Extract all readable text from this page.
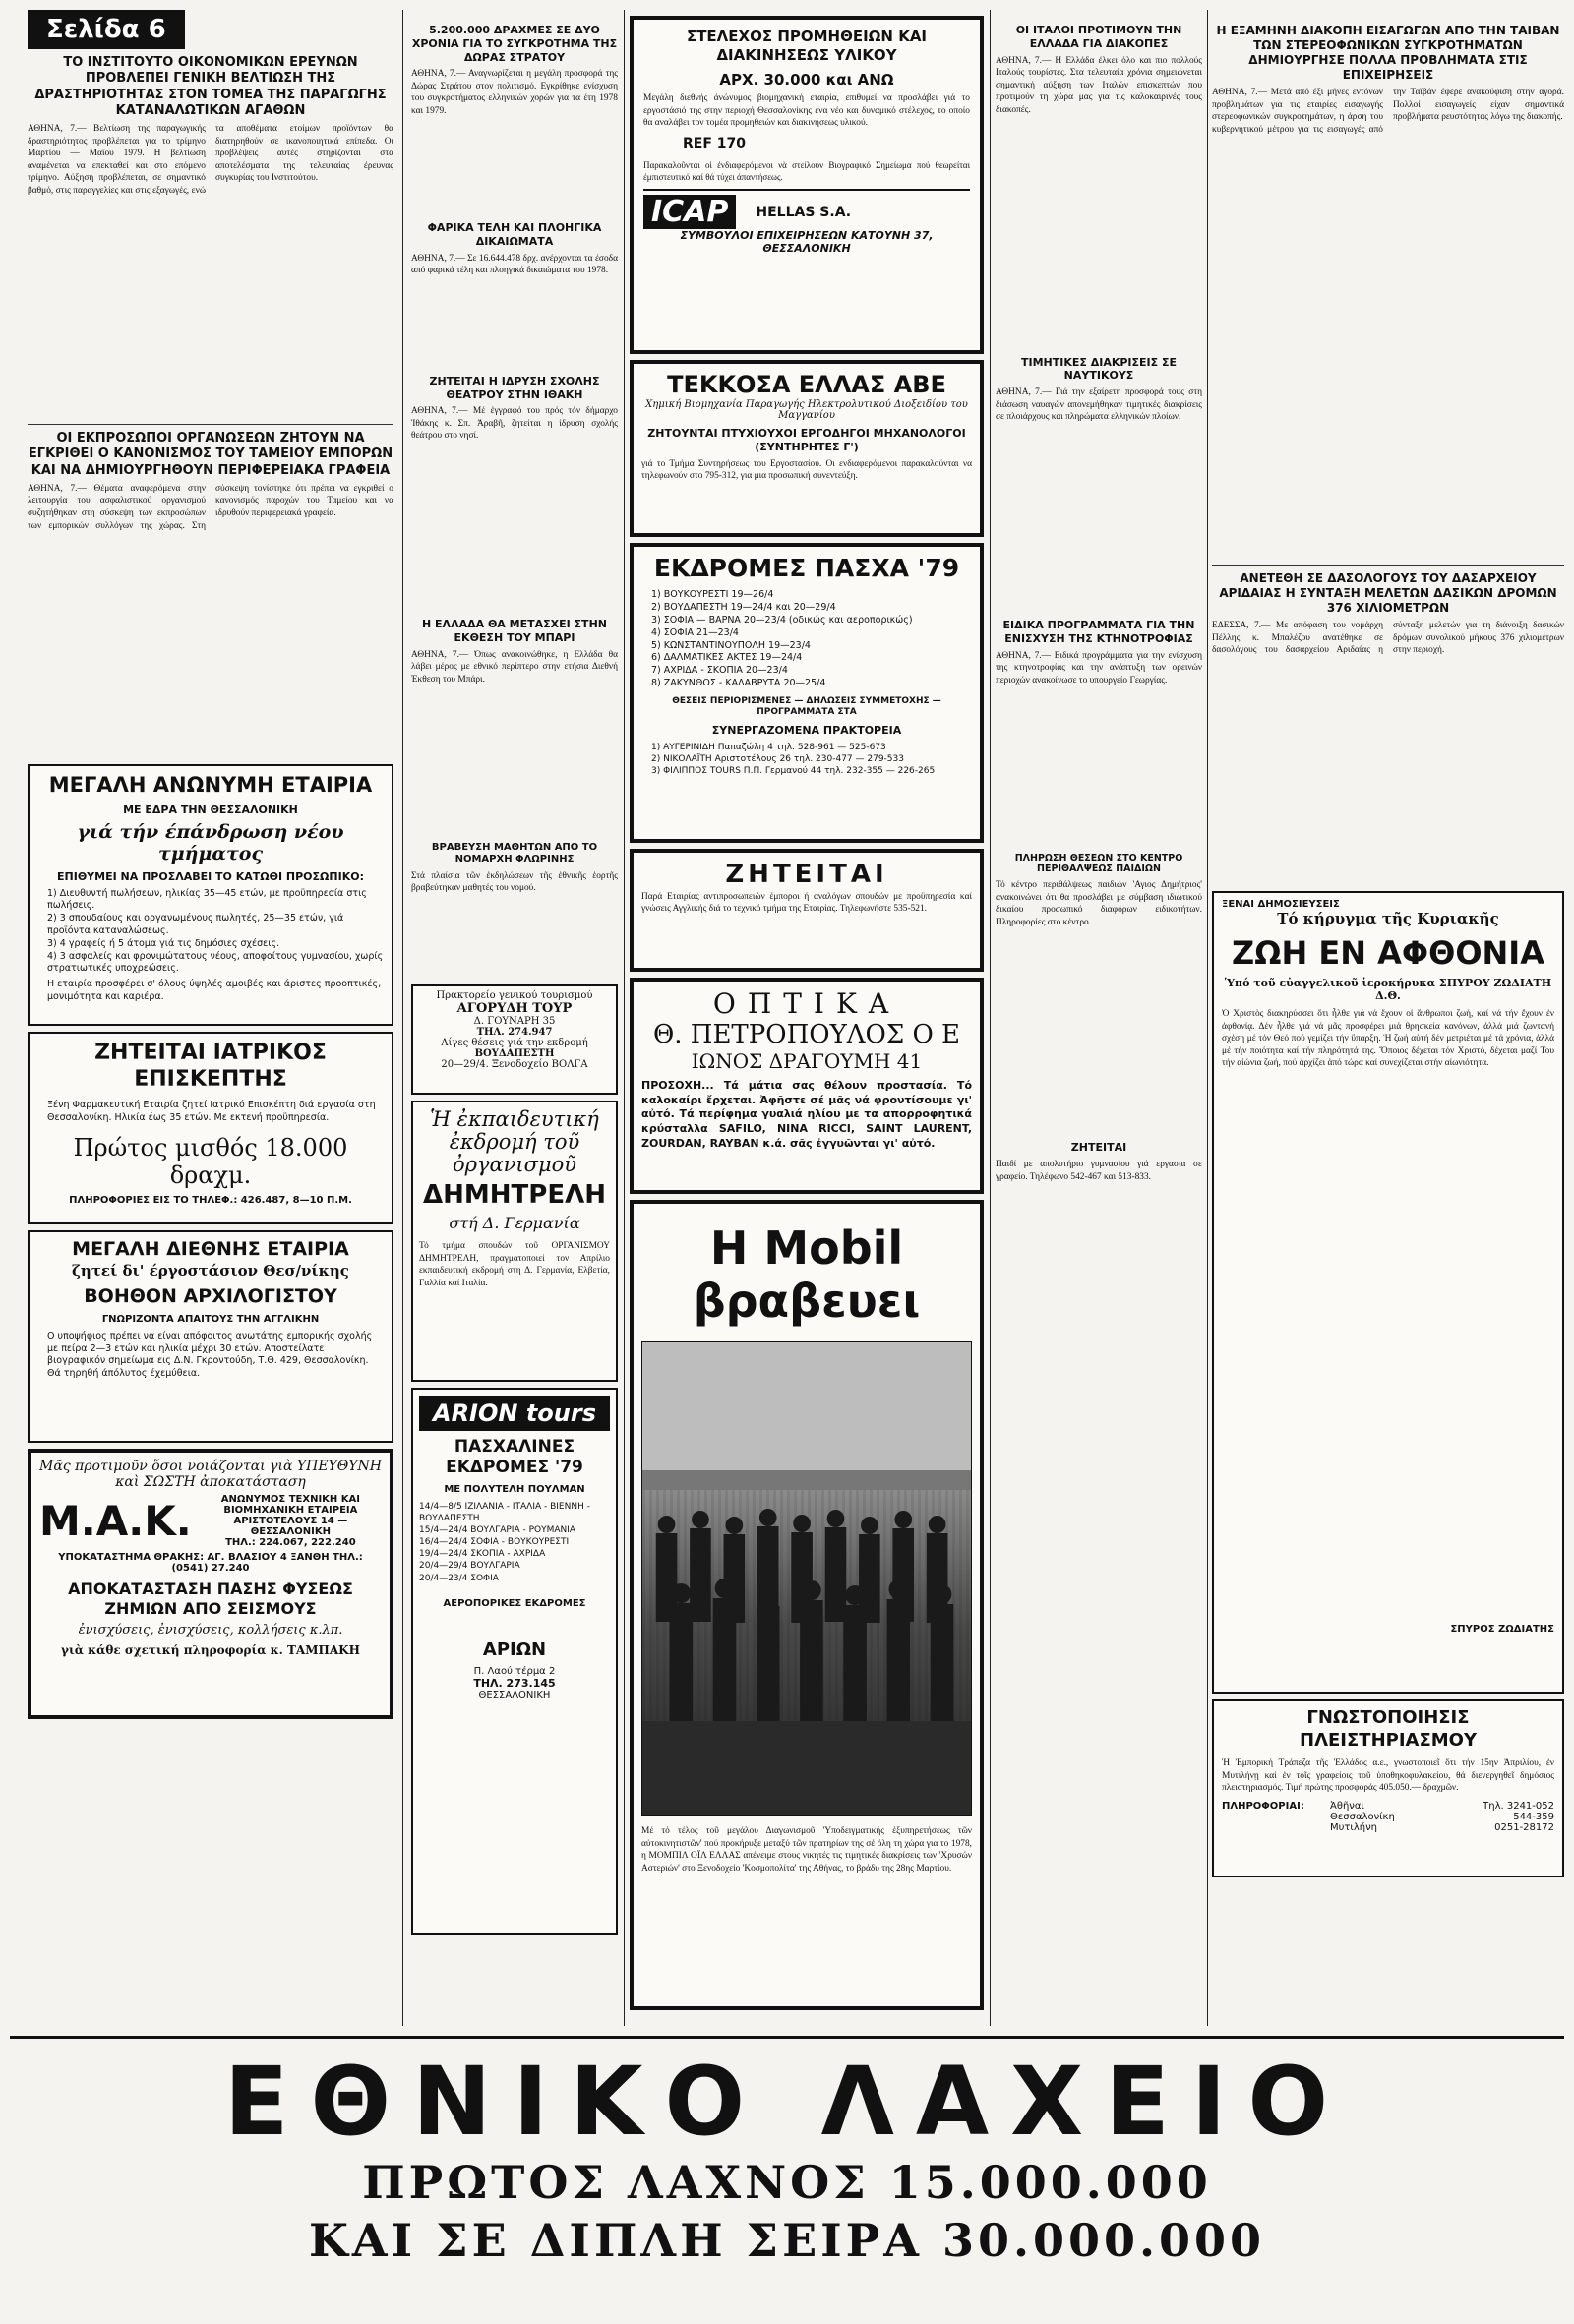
Σελίδα 6
ΤΟ ΙΝΣΤΙΤΟΥΤΟ ΟΙΚΟΝΟΜΙΚΩΝ ΕΡΕΥΝΩΝ ΠΡΟΒΛΕΠΕΙ ΓΕΝΙΚΗ ΒΕΛΤΙΩΣΗ ΤΗΣ ΔΡΑΣΤΗΡΙΟΤΗΤΑΣ ΣΤΟΝ ΤΟΜΕΑ ΤΗΣ ΠΑΡΑΓΩΓΗΣ ΚΑΤΑΝΑΛΩΤΙΚΩΝ ΑΓΑΘΩΝ

ΑΘΗΝΑ, 7.— Βελτίωση της παραγωγικής δραστηριότητος προβλέπεται για το τρίμηνο Μαρτίου — Μαΐου 1979. Η βελτίωση αναμένεται να επεκταθεί και στο επόμενο τρίμηνο. Αύξηση προβλέπεται, σε σημαντικό βαθμό, στις παραγγελίες και στις εξαγωγές, ενώ τα αποθέματα ετοίμων προϊόντων θα διατηρηθούν σε ικανοποιητικά επίπεδα. Οι προβλέψεις αυτές στηρίζονται στα αποτελέσματα της τελευταίας έρευνας συγκυρίας του Ινστιτούτου.

ΟΙ ΕΚΠΡΟΣΩΠΟΙ ΟΡΓΑΝΩΣΕΩΝ ΖΗΤΟΥΝ ΝΑ ΕΓΚΡΙΘΕΙ Ο ΚΑΝΟΝΙΣΜΟΣ ΤΟΥ ΤΑΜΕΙΟΥ ΕΜΠΟΡΩΝ ΚΑΙ ΝΑ ΔΗΜΙΟΥΡΓΗΘΟΥΝ ΠΕΡΙΦΕΡΕΙΑΚΑ ΓΡΑΦΕΙΑ

ΑΘΗΝΑ, 7.— Θέματα αναφερόμενα στην λειτουργία του ασφαλιστικού οργανισμού συζητήθηκαν στη σύσκεψη των εκπροσώπων των εμπορικών συλλόγων της χώρας. Στη σύσκεψη τονίστηκε ότι πρέπει να εγκριθεί ο κανονισμός παροχών του Ταμείου και να ιδρυθούν περιφερειακά γραφεία.

ΜΕΓΑΛΗ ΑΝΩΝΥΜΗ ΕΤΑΙΡΙΑ
ΜΕ ΕΔΡΑ ΤΗΝ ΘΕΣΣΑΛΟΝΙΚΗ
γιά τήν έπάνδρωση νέου τμήματος
ΕΠΙΘΥΜΕΙ ΝΑ ΠΡΟΣΛΑΒΕΙ ΤΟ ΚΑΤΩΘΙ ΠΡΟΣΩΠΙΚΟ:
1) Διευθυντή πωλήσεων, ηλικίας 35—45 ετών, με προϋπηρεσία στις πωλήσεις.
2) 3 σπουδαίους και οργανωμένους πωλητές, 25—35 ετών, γιά προϊόντα καταναλώσεως.
3) 4 γραφείς ή 5 άτομα γιά τις δημόσιες σχέσεις.
4) 3 ασφαλείς και φρονιμώτατους νέους, αποφοίτους γυμνασίου, χωρίς στρατιωτικές υποχρεώσεις.
Η εταιρία προσφέρει σ' όλους ύψηλές αμοιβές και άριστες προοπτικές, μονιμότητα και καριέρα.
ΖΗΤΕΙΤΑΙ ΙΑΤΡΙΚΟΣ ΕΠΙΣΚΕΠΤΗΣ
Ξένη Φαρμακευτική Εταιρία ζητεί Ιατρικό Επισκέπτη διά εργασία στη Θεσσαλονίκη. Ηλικία έως 35 ετών. Με εκτενή προϋπηρεσία.
Πρώτος μισθός 18.000 δραχμ.
ΠΛΗΡΟΦΟΡΙΕΣ ΕΙΣ ΤΟ ΤΗΛΕΦ.: 426.487, 8—10 Π.Μ.
ΜΕΓΑΛΗ ΔΙΕΘΝΗΣ ΕΤΑΙΡΙΑ
ζητεί δι' έργοστάσιον Θεσ/νίκης
ΒΟΗΘΟΝ ΑΡΧΙΛΟΓΙΣΤΟΥ
ΓΝΩΡΙΖΟΝΤΑ ΑΠΑΙΤΟΥΣ ΤΗΝ ΑΓΓΛΙΚΗΝ
Ο υποψήφιος πρέπει να είναι απόφοιτος ανωτάτης εμπορικής σχολής με πείρα 2—3 ετών και ηλικία μέχρι 30 ετών. Αποστείλατε βιογραφικόν σημείωμα εις Δ.Ν. Γκροντούδη, Τ.Θ. 429, Θεσσαλονίκη. Θά τηρηθή άπόλυτος έχεμύθεια.
Μᾶς προτιμοῦν ὅσοι νοιάζονται γιὰ ΥΠΕΥΘΥΝΗ καὶ ΣΩΣΤΗ ἀποκατάσταση
Μ.Α.Κ.	ΑΝΩΝΥΜΟΣ ΤΕΧΝΙΚΗ ΚΑΙ ΒΙΟΜΗΧΑΝΙΚΗ ΕΤΑΙΡΕΙΑ
ΑΡΙΣΤΟΤΕΛΟΥΣ 14 — ΘΕΣΣΑΛΟΝΙΚΗ
ΤΗΛ.: 224.067, 222.240
ΥΠΟΚΑΤΑΣΤΗΜΑ ΘΡΑΚΗΣ: ΑΓ. ΒΛΑΣΙΟΥ 4 ΞΑΝΘΗ ΤΗΛ.: (0541) 27.240
ΑΠΟΚΑΤΑΣΤΑΣΗ ΠΑΣΗΣ ΦΥΣΕΩΣ ΖΗΜΙΩΝ ΑΠΟ ΣΕΙΣΜΟΥΣ
ἐνισχύσεις, ἐνισχύσεις, κολλήσεις κ.λπ.
γιὰ κάθε σχετική πληροφορία κ. ΤΑΜΠΑΚΗ
5.200.000 ΔΡΑΧΜΕΣ ΣΕ ΔΥΟ ΧΡΟΝΙΑ ΓΙΑ ΤΟ ΣΥΓΚΡΟΤΗΜΑ ΤΗΣ ΔΩΡΑΣ ΣΤΡΑΤΟΥ

ΑΘΗΝΑ, 7.— Αναγνωρίζεται η μεγάλη προσφορά της Δώρας Στράτου στον πολιτισμό. Εγκρίθηκε ενίσχυση του συγκροτήματος ελληνικών χορών για τα έτη 1978 και 1979.

ΦΑΡΙΚΑ ΤΕΛΗ ΚΑΙ ΠΛΟΗΓΙΚΑ ΔΙΚΑΙΩΜΑΤΑ

ΑΘΗΝΑ, 7.— Σε 16.644.478 δρχ. ανέρχονται τα έσοδα από φαρικά τέλη και πλοηγικά δικαιώματα του 1978.

ΖΗΤΕΙΤΑΙ Η ΙΔΡΥΣΗ ΣΧΟΛΗΣ ΘΕΑΤΡΟΥ ΣΤΗΝ ΙΘΑΚΗ

ΑΘΗΝΑ, 7.— Μέ ἐγγραφό του πρός τόν δήμαρχο Ἰθάκης κ. Σπ. Ἀραβῆ, ζητείται η ίδρυση σχολής θεάτρου στο νησί.

Η ΕΛΛΑΔΑ ΘΑ ΜΕΤΑΣΧΕΙ ΣΤΗΝ ΕΚΘΕΣΗ ΤΟΥ ΜΠΑΡΙ

ΑΘΗΝΑ, 7.— Όπως ανακοινώθηκε, η Ελλάδα θα λάβει μέρος με εθνικό περίπτερο στην ετήσια Διεθνή Έκθεση του Μπάρι.

ΒΡΑΒΕΥΣΗ ΜΑΘΗΤΩΝ ΑΠΟ ΤΟ ΝΟΜΑΡΧΗ ΦΛΩΡΙΝΗΣ

Στά πλαίσια τῶν ἐκδηλώσεων τῆς ἐθνικῆς ἑορτῆς βραβεύτηκαν μαθητές του νομού.

Πρακτορείο γενικού τουρισμού
ΑΓΟΡΥΔΗ ΤΟΥΡ
Δ. ΓΟΥΝΑΡΗ 35
ΤΗΛ. 274.947
Λίγες θέσεις γιά την εκδρομή
ΒΟΥΔΑΠΕΣΤΗ
20—29/4. Ξενοδοχείο ΒΟΛΓΑ
Ἡ ἐκπαιδευτική ἐκδρομή τοῦ ὀργανισμοῦ
ΔΗΜΗΤΡΕΛΗ
στή Δ. Γερμανία

Τό τμήμα σπουδών τοῦ ΟΡΓΑΝΙΣΜΟΥ ΔΗΜΗΤΡΕΛΗ, πραγματοποιεί τον Απρίλιο εκπαιδευτική εκδρομή στη Δ. Γερμανία, Ελβετία, Γαλλία καί Ιταλία.

ARION tours
ΠΑΣΧΑΛΙΝΕΣ ΕΚΔΡΟΜΕΣ '79
ΜΕ ΠΟΛΥΤΕΛΗ ΠΟΥΛΜΑΝ
14/4—8/5 ΙΖΙΛΑΝΙΑ - ΙΤΑΛΙΑ - ΒΙΕΝΝΗ - ΒΟΥΔΑΠΕΣΤΗ
15/4—24/4 ΒΟΥΛΓΑΡΙΑ - ΡΟΥΜΑΝΙΑ
16/4—24/4 ΣΟΦΙΑ - ΒΟΥΚΟΥΡΕΣΤΙ
19/4—24/4 ΣΚΟΠΙΑ - ΑΧΡΙΔΑ
20/4—29/4 ΒΟΥΛΓΑΡΙΑ
20/4—23/4 ΣΟΦΙΑ
ΑΕΡΟΠΟΡΙΚΕΣ ΕΚΔΡΟΜΕΣ
ΑΡΙΩΝ
Π. Λαού τέρμα 2
ΤΗΛ. 273.145
ΘΕΣΣΑΛΟΝΙΚΗ
ΣΤΕΛΕΧΟΣ ΠΡΟΜΗΘΕΙΩΝ ΚΑΙ ΔΙΑΚΙΝΗΣΕΩΣ ΥΛΙΚΟΥ
ΑΡΧ. 30.000 και ΑΝΩ

Μεγάλη διεθνής άνώνυμος βιομηχανική εταιρία, επιθυμεί να προσλάβει γιά το εργοστάσιό της στην περιοχή Θεσσαλονίκης ένα νέο και δυναμικό στέλεχος, το οποίο θα αναλάβει τον τομέα προμηθειών και διακινήσεως υλικού.

REF 170

Παρακαλοῦνται οἱ ἐνδιαφερόμενοι νὰ στείλουν Βιογραφικό Σημείωμα πού θεωρείται έμπιστευτικό καί θά τύχει άπαντήσεως.

ICAP	HELLAS S.A.
ΣΥΜΒΟΥΛΟΙ ΕΠΙΧΕΙΡΗΣΕΩΝ ΚΑΤΟΥΝΗ 37, ΘΕΣΣΑΛΟΝΙΚΗ
ΤΕΚΚΟΣΑ ΕΛΛΑΣ ΑΒΕ
Χημική Βιομηχανία Παραγωγής Ηλεκτρολυτικού Διοξειδίου του Μαγγανίου
ΖΗΤΟΥΝΤΑΙ ΠΤΥΧΙΟΥΧΟΙ ΕΡΓΟΔΗΓΟΙ ΜΗΧΑΝΟΛΟΓΟΙ (ΣΥΝΤΗΡΗΤΕΣ Γ')

γιά το Τμήμα Συντηρήσεως του Εργοστασίου. Οι ενδιαφερόμενοι παρακαλούνται να τηλεφωνούν στο 795-312, για μια προσωπική συνεντεύξη.

ΕΚΔΡΟΜΕΣ ΠΑΣΧΑ '79
1) ΒΟΥΚΟΥΡΕΣΤΙ 19—26/4
2) ΒΟΥΔΑΠΕΣΤΗ 19—24/4 και 20—29/4
3) ΣΟΦΙΑ — ΒΑΡΝΑ 20—23/4 (οδικώς και αεροπορικώς)
4) ΣΟΦΙΑ 21—23/4
5) ΚΩΝΣΤΑΝΤΙΝΟΥΠΟΛΗ 19—23/4
6) ΔΑΛΜΑΤΙΚΕΣ ΑΚΤΕΣ 19—24/4
7) ΑΧΡΙΔΑ - ΣΚΟΠΙΑ 20—23/4
8) ΖΑΚΥΝΘΟΣ - ΚΑΛΑΒΡΥΤΑ 20—25/4
ΘΕΣΕΙΣ ΠΕΡΙΟΡΙΣΜΕΝΕΣ — ΔΗΛΩΣΕΙΣ ΣΥΜΜΕΤΟΧΗΣ — ΠΡΟΓΡΑΜΜΑΤΑ ΣΤΑ
ΣΥΝΕΡΓΑΖΟΜΕΝΑ ΠΡΑΚΤΟΡΕΙΑ
1) ΑΥΓΕΡΙΝΙΔΗ Παπαζώλη 4 τηλ. 528-961 — 525-673
2) ΝΙΚΟΛΑΪΤΗ Αριστοτέλους 26 τηλ. 230-477 — 279-533
3) ΦΙΛΙΠΠΟΣ TOURS Π.Π. Γερμανού 44 τηλ. 232-355 — 226-265
ΖΗΤΕΙΤΑΙ

Παρά Εταιρίας αντιπροσωπειών έμποροι ή αναλόγων σπουδών με προϋπηρεσία καί γνώσεις Αγγλικής διά το τεχνικό τμήμα της Εταιρίας. Τηλεφωνήστε 535-521.

ΟΠΤΙΚΑ
Θ. ΠΕΤΡΟΠΟΥΛΟΣ Ο Ε
ΙΩΝΟΣ ΔΡΑΓΟΥΜΗ 41

ΠΡΟΣΟΧΗ... Τά μάτια σας θέλουν προστασία. Τό καλοκαίρι ἔρχεται. Ἀφῆστε σέ μᾶς νά φροντίσουμε γι' αὐτό. Τά περίφημα γυαλιά ηλίου με τα απορροφητικά κρύσταλλα SAFILO, NINA RICCI, SAINT LAURENT, ZOURDAN, RAYBAN κ.ά. σᾶς ἐγγυῶνται γι' αὐτό.

Η Mobil βραβευει

Μέ τό τέλος τοῦ μεγάλου Διαγωνισμοῦ 'Υποδειγματικής έξυπηρετήσεως τῶν αὐτοκινητιστῶν' πού προκήρυξε μεταξύ τῶν πρατηρίων της σέ όλη τη χώρα για το 1978, η ΜΟΜΠΙΛ ΟΪΛ ΕΛΛΑΣ απένειμε στους νικητές τις τιμητικές διακρίσεις των 'Χρυσών Αστεριών' στο Ξενοδοχείο 'Κοσμοπολίτα' της Αθήνας, το βράδυ της 28ης Μαρτίου.

ΟΙ ΙΤΑΛΟΙ ΠΡΟΤΙΜΟΥΝ ΤΗΝ ΕΛΛΑΔΑ ΓΙΑ ΔΙΑΚΟΠΕΣ

ΑΘΗΝΑ, 7.— Η Ελλάδα έλκει όλο και πιο πολλούς Ιταλούς τουρίστες. Στα τελευταία χρόνια σημειώνεται σημαντική αύξηση των Ιταλών επισκεπτών που προτιμούν τη χώρα μας για τις καλοκαιρινές τους διακοπές.

ΤΙΜΗΤΙΚΕΣ ΔΙΑΚΡΙΣΕΙΣ ΣΕ ΝΑΥΤΙΚΟΥΣ

ΑΘΗΝΑ, 7.— Γιά την εξαίρετη προσφορά τους στη διάσωση ναυαγών απονεμήθηκαν τιμητικές διακρίσεις σε πλοιάρχους και πληρώματα ελληνικών πλοίων.

ΕΙΔΙΚΑ ΠΡΟΓΡΑΜΜΑΤΑ ΓΙΑ ΤΗΝ ΕΝΙΣΧΥΣΗ ΤΗΣ ΚΤΗΝΟΤΡΟΦΙΑΣ

ΑΘΗΝΑ, 7.— Ειδικά προγράμματα για την ενίσχυση της κτηνοτροφίας και την ανάπτυξη των ορεινών περιοχών ανακοίνωσε το υπουργείο Γεωργίας.

ΠΛΗΡΩΣΗ ΘΕΣΕΩΝ ΣΤΟ ΚΕΝΤΡΟ ΠΕΡΙΘΑΛΨΕΩΣ ΠΑΙΔΙΩΝ

Τό κέντρο περιθάλψεως παιδιών 'Αγιος Δημήτριος' ανακοινώνει ότι θα προσλάβει με σύμβαση ιδιωτικού δικαίου προσωπικό διαφόρων ειδικοτήτων. Πληροφορίες στο κέντρο.

ΖΗΤΕΙΤΑΙ

Παιδί με απολυτήριο γυμνασίου γιά εργασία σε γραφείο. Τηλέφωνο 542-467 και 513-833.

Η ΕΞΑΜΗΝΗ ΔΙΑΚΟΠΗ ΕΙΣΑΓΩΓΩΝ ΑΠΟ ΤΗΝ ΤΑΙΒΑΝ ΤΩΝ ΣΤΕΡΕΟΦΩΝΙΚΩΝ ΣΥΓΚΡΟΤΗΜΑΤΩΝ ΔΗΜΙΟΥΡΓΗΣΕ ΠΟΛΛΑ ΠΡΟΒΛΗΜΑΤΑ ΣΤΙΣ ΕΠΙΧΕΙΡΗΣΕΙΣ

ΑΘΗΝΑ, 7.— Μετά από έξι μήνες εντόνων προβλημάτων για τις εταιρίες εισαγωγής στερεοφωνικών συγκροτημάτων, η άρση του κυβερνητικού μέτρου για τις εισαγωγές από την Ταϊβάν έφερε ανακούφιση στην αγορά. Πολλοί εισαγωγείς είχαν σημαντικά προβλήματα ρευστότητας λόγω της διακοπής.

ΑΝΕΤΕΘΗ ΣΕ ΔΑΣΟΛΟΓΟΥΣ ΤΟΥ ΔΑΣΑΡΧΕΙΟΥ ΑΡΙΔΑΙΑΣ Η ΣΥΝΤΑΞΗ ΜΕΛΕΤΩΝ ΔΑΣΙΚΩΝ ΔΡΟΜΩΝ 376 ΧΙΛΙΟΜΕΤΡΩΝ

ΕΔΕΣΣΑ, 7.— Με απόφαση του νομάρχη Πέλλης κ. Μπαλέζου ανατέθηκε σε δασολόγους του δασαρχείου Αριδαίας η σύνταξη μελετών για τη διάνοιξη δασικών δρόμων συνολικού μήκους 376 χιλιομέτρων στην περιοχή.

ΞΕΝΑΙ ΔΗΜΟΣΙΕΥΣΕΙΣ
Τό κήρυγμα τῆς Κυριακῆς
ΖΩΗ ΕΝ ΑΦΘΟΝΙΑ
Ὑπό τοῦ εὐαγγελικοῦ ἱεροκήρυκα ΣΠΥΡΟΥ ΖΩΔΙΑΤΗ Δ.Θ.

Ὁ Χριστὸς διακηρύσσει ὅτι ἦλθε γιά νά ἔχουν οἱ ἄνθρωποι ζωή, καί νά τήν ἔχουν ἐν ἀφθονίᾳ. Δέν ἦλθε γιά νά μᾶς προσφέρει μιά θρησκεία κανόνων, ἀλλά μιά ζωντανή σχέση μέ τόν Θεό πού γεμίζει τήν ὕπαρξη. Ἡ ζωή αὐτή δέν μετριέται μέ τά χρόνια, ἀλλά μέ τήν ποιότητα καί τήν πληρότητά της. Ὅποιος δέχεται τόν Χριστό, δέχεται μαζί Του τήν αἰώνια ζωή, πού ἀρχίζει ἀπό τώρα καί συνεχίζεται στήν αἰωνιότητα.

ΣΠΥΡΟΣ ΖΩΔΙΑΤΗΣ
ΓΝΩΣΤΟΠΟΙΗΣΙΣ ΠΛΕΙΣΤΗΡΙΑΣΜΟΥ

Ἡ Ἐμπορική Τράπεζα τῆς Ἑλλάδος α.ε., γνωστοποιεῖ ὅτι τήν 15ην Ἀπριλίου, ἐν Μυτιλήνῃ καί ἐν τοῖς γραφείοις τοῦ ὑποθηκοφυλακείου, θά διενεργηθεῖ δημόσιος πλειστηριασμός. Τιμή πρώτης προσφοράς 405.050.— δραχμῶν.

ΠΛΗΡΟΦΟΡΙΑΙ:	Ἀθῆναι	Τηλ. 3241-052
Θεσσαλονίκη	544-359
Μυτιλήνη	0251-28172
ΕΘΝΙΚΟ ΛΑΧΕΙΟ
ΠΡΩΤΟΣ ΛΑΧΝΟΣ 15.000.000
ΚΑΙ ΣΕ ΔΙΠΛΗ ΣΕΙΡΑ 30.000.000
